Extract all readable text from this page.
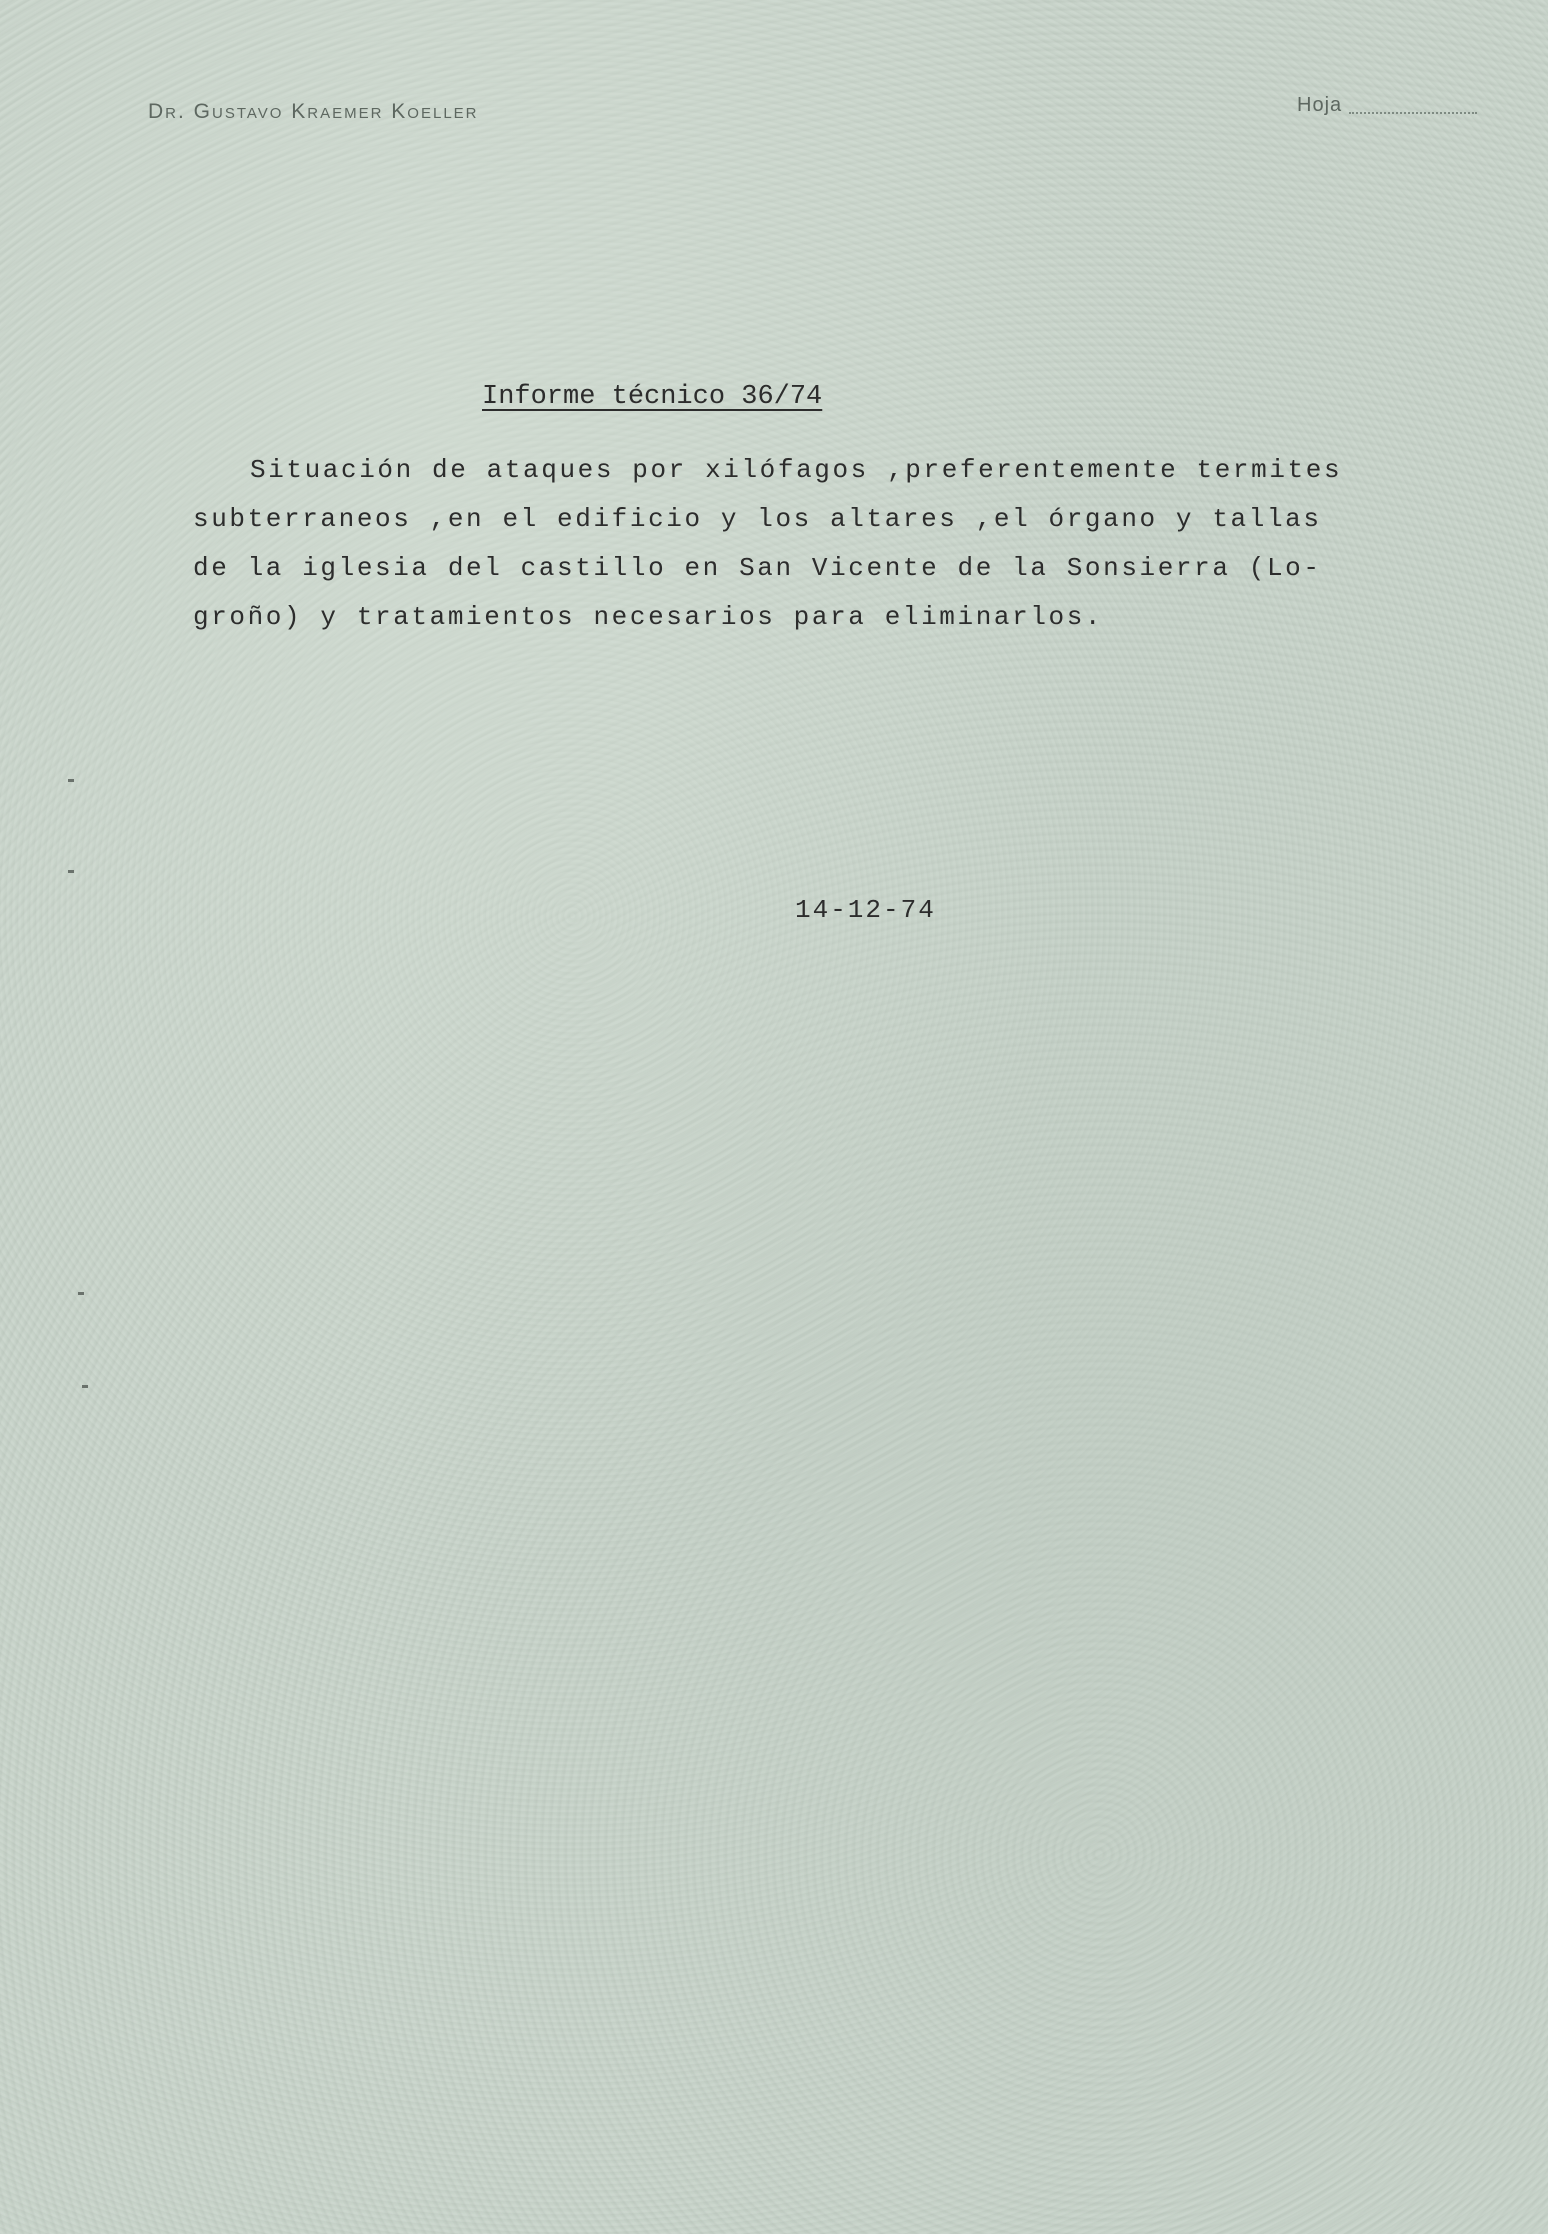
Dr. Gustavo Kraemer Koeller	Hoja
Informe técnico 36/74
Situación de ataques por xilófagos ,preferentemente termites
subterraneos ,en el edificio y los altares ,el órgano y tallas
de la iglesia del castillo en San Vicente de la Sonsierra (Lo-
groño) y tratamientos necesarios para eliminarlos.
14-12-74
